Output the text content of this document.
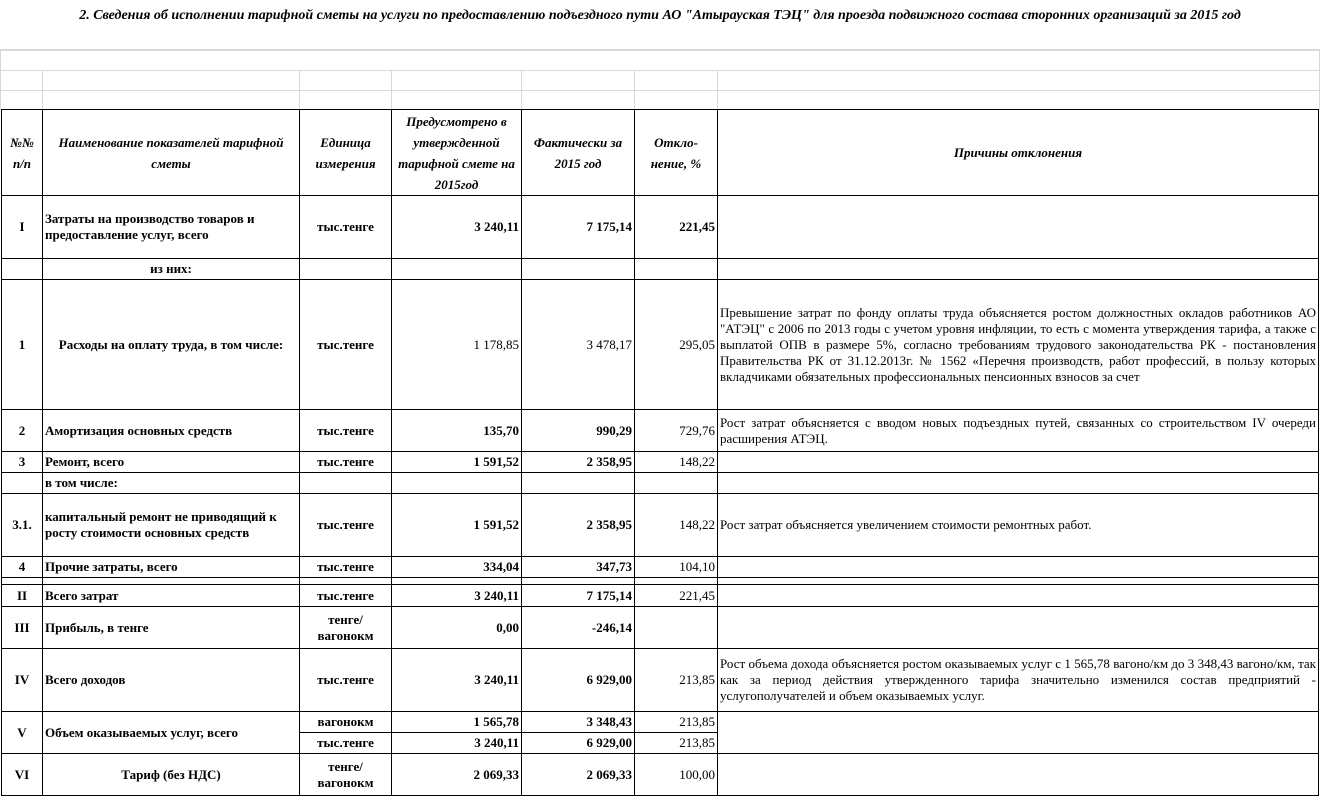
2. Сведения об исполнении тарифной сметы на услуги по предоставлению подъездного пути АО "Атырауская ТЭЦ" для проезда подвижного состава сторонних организаций за 2015 год

№№ п/п	Наименование показателей тарифной сметы	Единица измерения	Предусмотрено в утвержденной тарифной смете на 2015год	Фактически за 2015 год	Откло-нение, %	Причины отклонения
I	Затраты на производство товаров и предоставление услуг, всего	тыс.тенге	3 240,11	7 175,14	221,45	
	из них:					
1	Расходы на оплату труда, в том числе:	тыс.тенге	1 178,85	3 478,17	295,05	Превышение затрат по фонду оплаты труда объясняется ростом должностных окладов работников АО "АТЭЦ" с 2006 по 2013 годы с учетом уровня инфляции, то есть с момента утверждения тарифа, а также с выплатой ОПВ в размере 5%, согласно требованиям трудового законодательства РК - постановления Правительства РК от 31.12.2013г. № 1562 «Перечня производств, работ профессий, в пользу которых вкладчиками обязательных профессиональных пенсионных взносов за счет

2	Амортизация основных средств	тыс.тенге	135,70	990,29	729,76	Рост затрат объясняется с вводом новых подъездных путей, связанных со строительством IV очереди расширения АТЭЦ.
3	Ремонт, всего	тыс.тенге	1 591,52	2 358,95	148,22	
	в том числе:					
3.1.	капитальный ремонт не приводящий к росту стоимости основных средств	тыс.тенге	1 591,52	2 358,95	148,22	Рост затрат объясняется увеличением стоимости ремонтных работ.
4	Прочие затраты, всего	тыс.тенге	334,04	347,73	104,10	

II	Всего затрат	тыс.тенге	3 240,11	7 175,14	221,45	
III	Прибыль, в тенге	тенге/ вагонокм	0,00	-246,14		
IV	Всего доходов	тыс.тенге	3 240,11	6 929,00	213,85	Рост объема дохода объясняется ростом оказываемых услуг с 1 565,78 вагоно/км до 3 348,43 вагоно/км, так как за период действия утвержденного тарифа значительно изменился состав предприятий - услугополучателей и объем оказываемых услуг.
V	Объем оказываемых услуг, всего	вагонокм	1 565,78	3 348,43	213,85	
		тыс.тенге	3 240,11	6 929,00	213,85	
VI	Тариф (без НДС)	тенге/ вагонокм	2 069,33	2 069,33	100,00	
